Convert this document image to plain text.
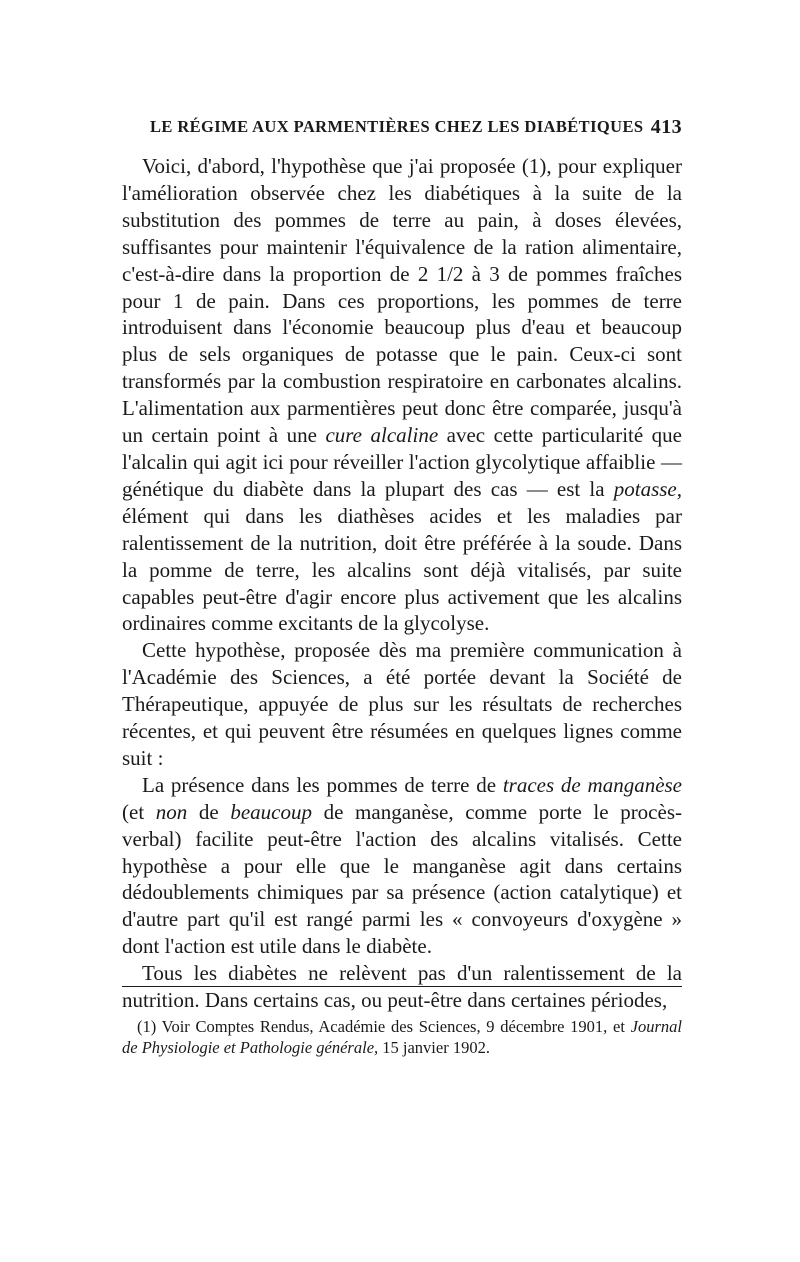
LE RÉGIME AUX PARMENTIÈRES CHEZ LES DIABÉTIQUES 413

Voici, d'abord, l'hypothèse que j'ai proposée (1), pour expliquer l'amélioration observée chez les diabétiques à la suite de la substitution des pommes de terre au pain, à doses élevées, suffisantes pour maintenir l'équivalence de la ration alimentaire, c'est-à-dire dans la proportion de 2 1/2 à 3 de pommes fraîches pour 1 de pain. Dans ces proportions, les pommes de terre introduisent dans l'économie beaucoup plus d'eau et beaucoup plus de sels organiques de potasse que le pain. Ceux-ci sont transformés par la combustion respiratoire en carbonates alcalins. L'alimentation aux parmentières peut donc être comparée, jusqu'à un certain point à une cure alcaline avec cette particularité que l'alcalin qui agit ici pour réveiller l'action glycolytique affaiblie — génétique du diabète dans la plupart des cas — est la potasse, élément qui dans les diathèses acides et les maladies par ralentissement de la nutrition, doit être préférée à la soude. Dans la pomme de terre, les alcalins sont déjà vitalisés, par suite capables peut-être d'agir encore plus activement que les alcalins ordinaires comme excitants de la glycolyse.

Cette hypothèse, proposée dès ma première communication à l'Académie des Sciences, a été portée devant la Société de Thérapeutique, appuyée de plus sur les résultats de recherches récentes, et qui peuvent être résumées en quelques lignes comme suit :

La présence dans les pommes de terre de traces de manganèse (et non de beaucoup de manganèse, comme porte le procès-verbal) facilite peut-être l'action des alcalins vitalisés. Cette hypothèse a pour elle que le manganèse agit dans certains dédoublements chimiques par sa présence (action catalytique) et d'autre part qu'il est rangé parmi les « convoyeurs d'oxygène » dont l'action est utile dans le diabète.

Tous les diabètes ne relèvent pas d'un ralentissement de la nutrition. Dans certains cas, ou peut-être dans certaines périodes,

(1) Voir Comptes Rendus, Académie des Sciences, 9 décembre 1901, et Journal de Physiologie et Pathologie générale, 15 janvier 1902.
